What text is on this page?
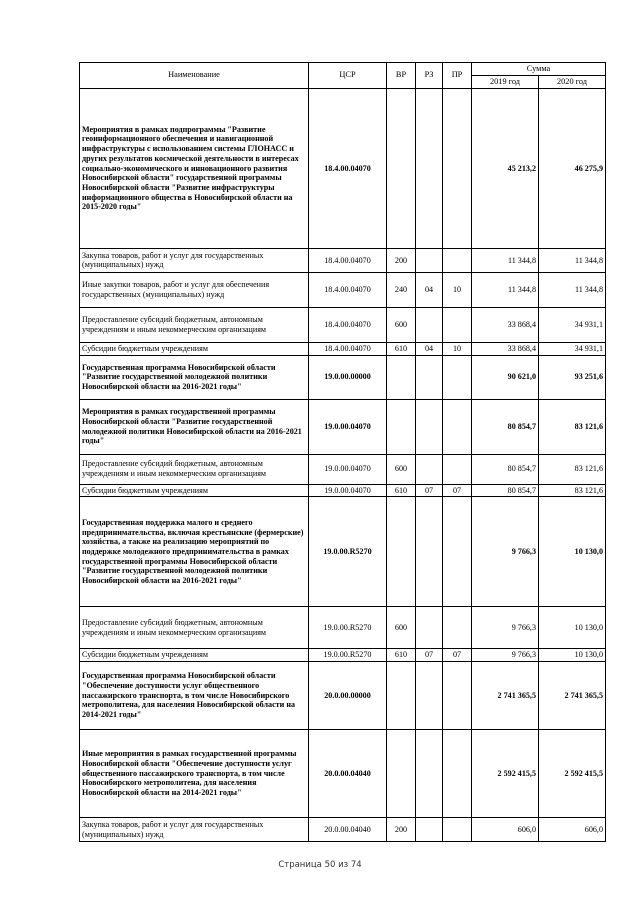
Наименование	ЦСР	ВР	РЗ	ПР	Сумма	
					2019 год	2020 год
Мероприятия в рамках подпрограммы "Развитие геоинформационного обеспечения и навигационной инфраструктуры с использованием системы ГЛОНАСС и других результатов космической деятельности в интересах социально-экономического и инновационного развития Новосибирской области" государственной программы Новосибирской области "Развитие инфраструктуры информационного общества в Новосибирской области на 2015-2020 годы"	18.4.00.04070				45 213,2	46 275,9
Закупка товаров, работ и услуг для государственных (муниципальных) нужд	18.4.00.04070	200			11 344,8	11 344,8
Иные закупки товаров, работ и услуг для обеспечения государственных (муниципальных) нужд	18.4.00.04070	240	04	10	11 344,8	11 344,8
Предоставление субсидий бюджетным, автономным учреждениям и иным некоммерческим организациям	18.4.00.04070	600			33 868,4	34 931,1
Субсидии бюджетным учреждениям	18.4.00.04070	610	04	10	33 868,4	34 931,1
Государственная программа Новосибирской области "Развитие государственной молодежной политики Новосибирской области на 2016-2021 годы"	19.0.00.00000				90 621,0	93 251,6
Мероприятия в рамках государственной программы Новосибирской области "Развитие государственной молодежной политики Новосибирской области на 2016-2021 годы"	19.0.00.04070				80 854,7	83 121,6
Предоставление субсидий бюджетным, автономным учреждениям и иным некоммерческим организациям	19.0.00.04070	600			80 854,7	83 121,6
Субсидии бюджетным учреждениям	19.0.00.04070	610	07	07	80 854,7	83 121,6
Государственная поддержка малого и среднего предпринимательства, включая крестьянские (фермерские) хозяйства, а также на реализацию мероприятий по поддержке молодежного предпринимательства в рамках государственной программы Новосибирской области "Развитие государственной молодежной политики Новосибирской области на 2016-2021 годы"	19.0.00.R5270				9 766,3	10 130,0
Предоставление субсидий бюджетным, автономным учреждениям и иным некоммерческим организациям	19.0.00.R5270	600			9 766,3	10 130,0
Субсидии бюджетным учреждениям	19.0.00.R5270	610	07	07	9 766,3	10 130,0
Государственная программа Новосибирской области "Обеспечение доступности услуг общественного пассажирского транспорта, в том числе Новосибирского метрополитена, для населения Новосибирской области на 2014-2021 годы"	20.0.00.00000				2 741 365,5	2 741 365,5
Иные мероприятия в рамках государственной программы Новосибирской области "Обеспечение доступности услуг общественного пассажирского транспорта, в том числе Новосибирского метрополитена, для населения Новосибирской области на 2014-2021 годы"	20.0.00.04040				2 592 415,5	2 592 415,5
Закупка товаров, работ и услуг для государственных (муниципальных) нужд	20.0.00.04040	200			606,0	606,0
Страница 50 из 74
